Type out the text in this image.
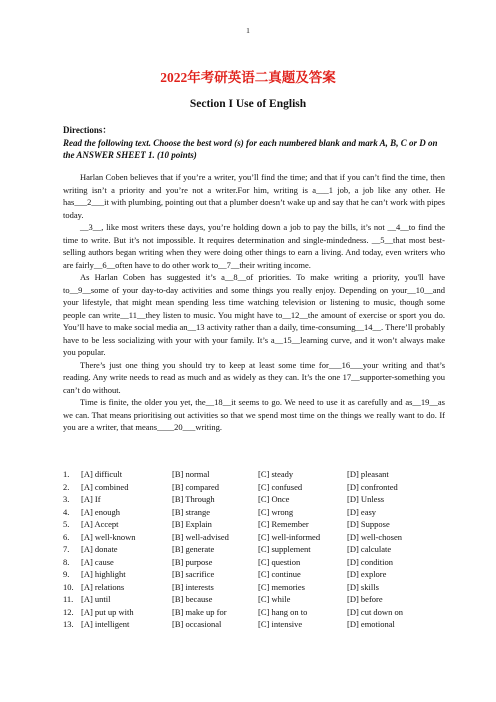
1
2022年考研英语二真题及答案
Section I Use of English
Directions：
Read the following text. Choose the best word (s) for each numbered blank and mark A, B, C or D on the ANSWER SHEET 1. (10 points)

Harlan Coben believes that if you’re a writer, you’ll find the time; and that if you can’t find the time, then writing isn’t a priority and you’re not a writer.For him, writing is a___1 job, a job like any other. He has___2___it with plumbing, pointing out that a plumber doesn’t wake up and say that he can’t work with pipes today.

__3__, like most writers these days, you’re holding down a job to pay the bills, it’s not __4__to find the time to write. But it’s not impossible. It requires determination and single-mindedness. __5__that most best-selling authors began writing when they were doing other things to earn a living. And today, even writers who are fairly__6__often have to do other work to__7__their writing income.

As Harlan Coben has suggested it’s a__8__of priorities. To make writing a priority, you'll have to__9__some of your day-to-day activities and some things you really enjoy. Depending on your__10__and your lifestyle, that might mean spending less time watching television or listening to music, though some people can write__11__they listen to music. You might have to__12__the amount of exercise or sport you do. You’ll have to make social media an__13 activity rather than a daily, time-consuming__14__. There’ll probably have to be less socializing with your with your family. It’s a__15__learning curve, and it won’t always make you popular.

There’s just one thing you should try to keep at least some time for___16___your writing and that’s reading. Any write needs to read as much and as widely as they can. It’s the one 17__supporter-something you can’t do without.

Time is finite, the older you yet, the__18__it seems to go. We need to use it as carefully and as__19__as we can. That means prioritising out activities so that we spend most time on the things we really want to do. If you are a writer, that means____20___writing.

1.	[A] difficult	[B] normal	[C] steady	[D] pleasant
2.	[A] combined	[B] compared	[C] confused	[D] confronted
3.	[A] If	[B] Through	[C] Once	[D] Unless
4.	[A] enough	[B] strange	[C] wrong	[D] easy
5.	[A] Accept	[B] Explain	[C] Remember	[D] Suppose
6.	[A] well-known	[B] well-advised	[C] well-informed	[D] well-chosen
7.	[A] donate	[B] generate	[C] supplement	[D] calculate
8.	[A] cause	[B] purpose	[C] question	[D] condition
9.	[A] highlight	[B] sacrifice	[C] continue	[D] explore
10. [A] relations	[B] interests	[C] memories	[D] skills
11. [A] until	[B] because	[C] while	[D] before
12. [A] put up with	[B] make up for	[C] hang on to	[D] cut down on
13. [A] intelligent	[B] occasional	[C] intensive	[D] emotional
